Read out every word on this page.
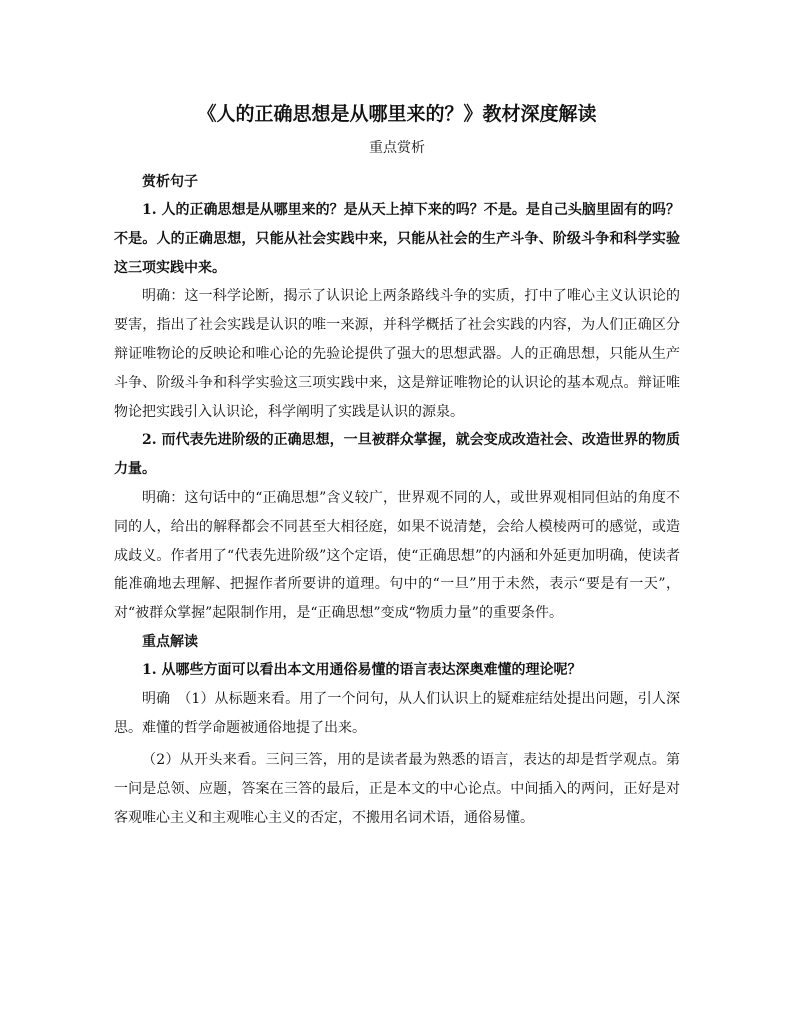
《人的正确思想是从哪里来的？》教材深度解读
重点赏析
赏析句子

1. 人的正确思想是从哪里来的？是从天上掉下来的吗？不是。是自己头脑里固有的吗？不是。人的正确思想，只能从社会实践中来，只能从社会的生产斗争、阶级斗争和科学实验这三项实践中来。

明确：这一科学论断，揭示了认识论上两条路线斗争的实质，打中了唯心主义认识论的要害，指出了社会实践是认识的唯一来源，并科学概括了社会实践的内容，为人们正确区分辩证唯物论的反映论和唯心论的先验论提供了强大的思想武器。人的正确思想，只能从生产斗争、阶级斗争和科学实验这三项实践中来，这是辩证唯物论的认识论的基本观点。辩证唯物论把实践引入认识论，科学阐明了实践是认识的源泉。

2. 而代表先进阶级的正确思想，一旦被群众掌握，就会变成改造社会、改造世界的物质力量。

明确：这句话中的“正确思想”含义较广，世界观不同的人，或世界观相同但站的角度不同的人，给出的解释都会不同甚至大相径庭，如果不说清楚，会给人模棱两可的感觉，或造成歧义。作者用了“代表先进阶级”这个定语，使“正确思想”的内涵和外延更加明确，使读者能准确地去理解、把握作者所要讲的道理。句中的“一旦”用于未然，表示“要是有一天”，对“被群众掌握”起限制作用，是“正确思想”变成“物质力量”的重要条件。

重点解读

1. 从哪些方面可以看出本文用通俗易懂的语言表达深奥难懂的理论呢？

明确　（1）从标题来看。用了一个问句，从人们认识上的疑难症结处提出问题，引人深思。难懂的哲学命题被通俗地提了出来。

（2）从开头来看。三问三答，用的是读者最为熟悉的语言，表达的却是哲学观点。第一问是总领、应题，答案在三答的最后，正是本文的中心论点。中间插入的两问，正好是对客观唯心主义和主观唯心主义的否定，不搬用名词术语，通俗易懂。
